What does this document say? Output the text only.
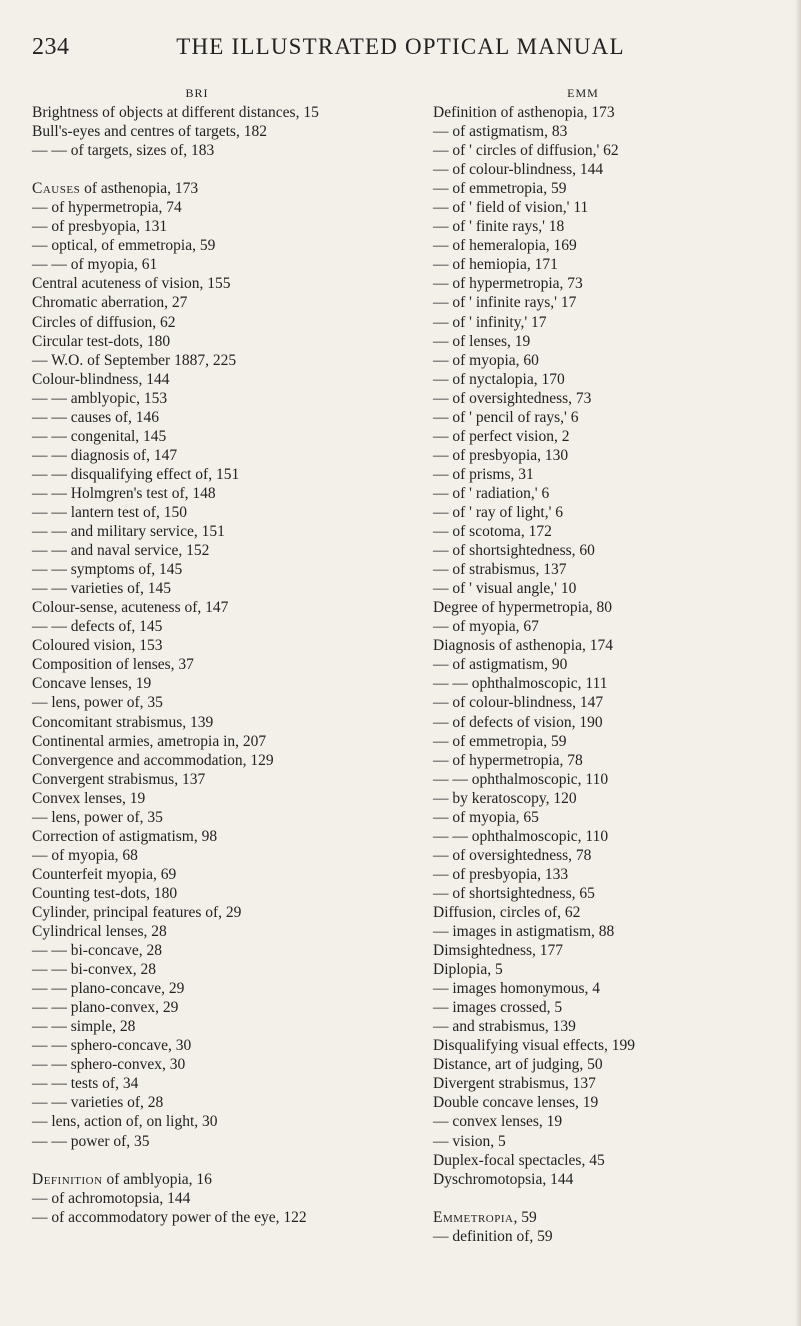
234	THE ILLUSTRATED OPTICAL MANUAL
BRI
Brightness of objects at different distances, 15
Bull's-eyes and centres of targets, 182
— — of targets, sizes of, 183
Causes of asthenopia, 173
— of hypermetropia, 74
— of presbyopia, 131
— optical, of emmetropia, 59
— — of myopia, 61
Central acuteness of vision, 155
Chromatic aberration, 27
Circles of diffusion, 62
Circular test-dots, 180
— W.O. of September 1887, 225
Colour-blindness, 144
— — amblyopic, 153
— — causes of, 146
— — congenital, 145
— — diagnosis of, 147
— — disqualifying effect of, 151
— — Holmgren's test of, 148
— — lantern test of, 150
— — and military service, 151
— — and naval service, 152
— — symptoms of, 145
— — varieties of, 145
Colour-sense, acuteness of, 147
— — defects of, 145
Coloured vision, 153
Composition of lenses, 37
Concave lenses, 19
— lens, power of, 35
Concomitant strabismus, 139
Continental armies, ametropia in, 207
Convergence and accommodation, 129
Convergent strabismus, 137
Convex lenses, 19
— lens, power of, 35
Correction of astigmatism, 98
— of myopia, 68
Counterfeit myopia, 69
Counting test-dots, 180
Cylinder, principal features of, 29
Cylindrical lenses, 28
— — bi-concave, 28
— — bi-convex, 28
— — plano-concave, 29
— — plano-convex, 29
— — simple, 28
— — sphero-concave, 30
— — sphero-convex, 30
— — tests of, 34
— — varieties of, 28
— lens, action of, on light, 30
— — power of, 35
Definition of amblyopia, 16
— of achromotopsia, 144
— of accommodatory power of the eye, 122
EMM
Definition of asthenopia, 173
— of astigmatism, 83
— of ' circles of diffusion,' 62
— of colour-blindness, 144
— of emmetropia, 59
— of ' field of vision,' 11
— of ' finite rays,' 18
— of hemeralopia, 169
— of hemiopia, 171
— of hypermetropia, 73
— of ' infinite rays,' 17
— of ' infinity,' 17
— of lenses, 19
— of myopia, 60
— of nyctalopia, 170
— of oversightedness, 73
— of ' pencil of rays,' 6
— of perfect vision, 2
— of presbyopia, 130
— of prisms, 31
— of ' radiation,' 6
— of ' ray of light,' 6
— of scotoma, 172
— of shortsightedness, 60
— of strabismus, 137
— of ' visual angle,' 10
Degree of hypermetropia, 80
— of myopia, 67
Diagnosis of asthenopia, 174
— of astigmatism, 90
— — ophthalmoscopic, 111
— of colour-blindness, 147
— of defects of vision, 190
— of emmetropia, 59
— of hypermetropia, 78
— — ophthalmoscopic, 110
— by keratoscopy, 120
— of myopia, 65
— — ophthalmoscopic, 110
— of oversightedness, 78
— of presbyopia, 133
— of shortsightedness, 65
Diffusion, circles of, 62
— images in astigmatism, 88
Dimsightedness, 177
Diplopia, 5
— images homonymous, 4
— images crossed, 5
— and strabismus, 139
Disqualifying visual effects, 199
Distance, art of judging, 50
Divergent strabismus, 137
Double concave lenses, 19
— convex lenses, 19
— vision, 5
Duplex-focal spectacles, 45
Dyschromotopsia, 144
Emmetropia, 59
— definition of, 59
